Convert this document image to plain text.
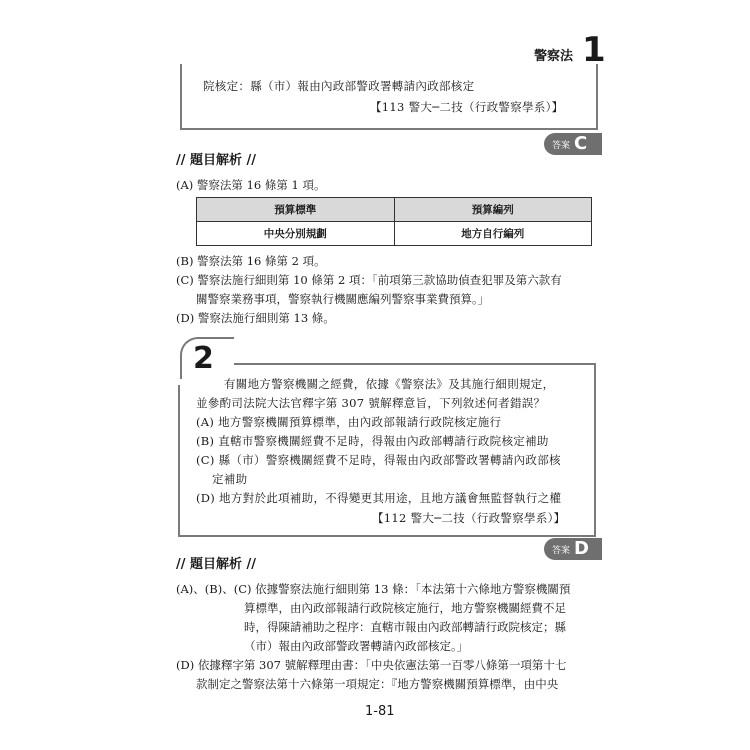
警察法 1
院核定：縣（市）報由內政部警政署轉請內政部核定
【113 警大─二技（行政警察學系）】
答案 C
// 題目解析 //
(A) 警察法第 16 條第 1 項。
預算標準	預算編列
中央分別規劃	地方自行編列
(B) 警察法第 16 條第 2 項。
(C) 警察法施行細則第 10 條第 2 項：「前項第三款協助偵查犯罪及第六款有
關警察業務事項，警察執行機關應編列警察事業費預算。」
(D) 警察法施行細則第 13 條。
2
有關地方警察機關之經費，依據《警察法》及其施行細則規定，
並參酌司法院大法官釋字第 307 號解釋意旨，下列敘述何者錯誤？
(A) 地方警察機關預算標準，由內政部報請行政院核定施行
(B) 直轄市警察機關經費不足時，得報由內政部轉請行政院核定補助
(C) 縣（市）警察機關經費不足時，得報由內政部警政署轉請內政部核
定補助
(D) 地方對於此項補助，不得變更其用途，且地方議會無監督執行之權
【112 警大─二技（行政警察學系）】
答案 D
// 題目解析 //
(A)、(B)、(C) 依據警察法施行細則第 13 條：「本法第十六條地方警察機關預
算標準，由內政部報請行政院核定施行，地方警察機關經費不足
時，得陳請補助之程序：直轄市報由內政部轉請行政院核定；縣
（市）報由內政部警政署轉請內政部核定。」
(D) 依據釋字第 307 號解釋理由書：「中央依憲法第一百零八條第一項第十七
款制定之警察法第十六條第一項規定：『地方警察機關預算標準，由中央
1-81
